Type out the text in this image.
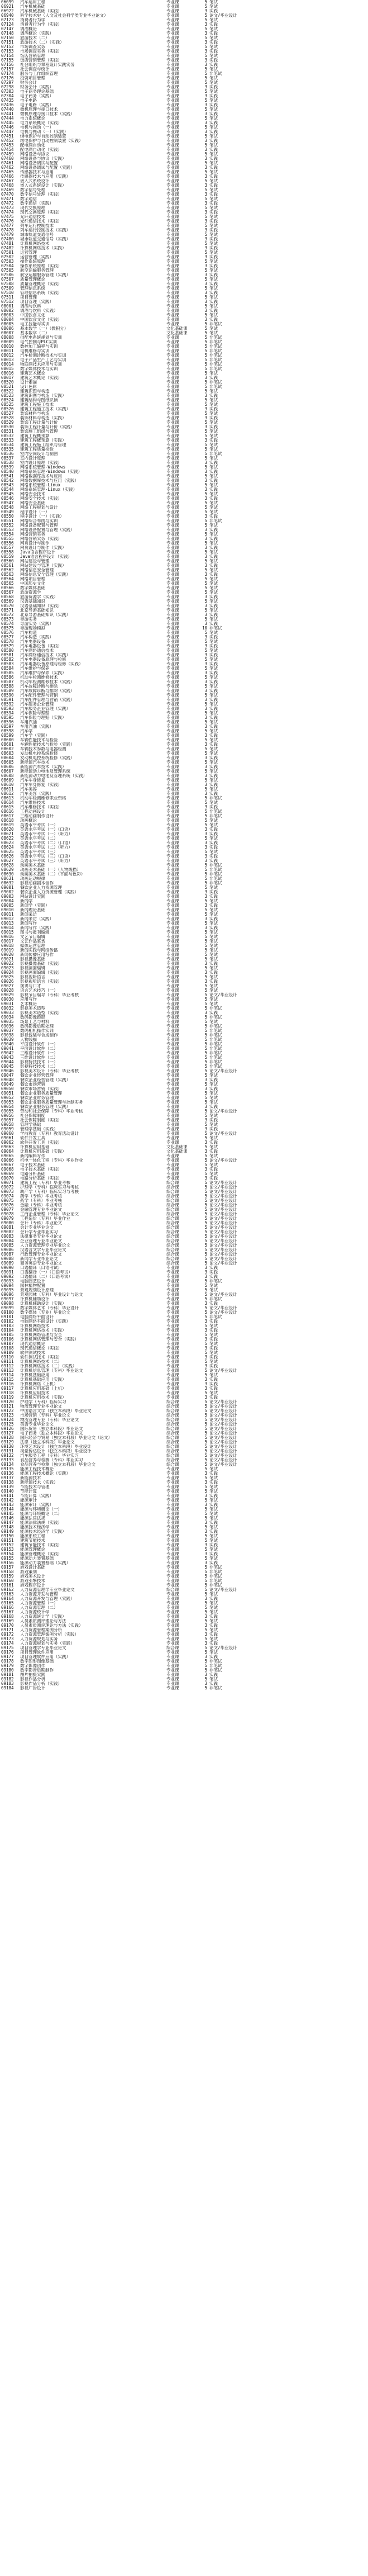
06099	汽车运用工程	专业课	5 笔试
06921	汽车机械基础	专业课	5 笔试
06922	汽车机械基础（实践）	专业课	3 实践
06940	科学技术史（人文及社会科学类专业毕业论文）	专业课	5 论文/毕业设计
07123	消费者行为学	专业课	5 笔试
07124	消费者行为学（实践）	专业课	3 实践
07147	调酒概论	专业课	5 笔试
07148	调酒概论（实践）	专业课	3 实践
07150	旅游技术（二）	专业课	5 笔试
07151	旅游技术（二）（实践）	专业课	3 实践
07152	市场调查实务	专业课	5 笔试
07153	市场调查实务（实践）	专业课	3 实践
07154	饭店营销管理	专业课	5 笔试
07155	饭店营销管理（实践）	专业课	3 实践
07156	社会组织与课程设计实践实务	专业课	3 实践
07157	社会调查与统计	专业课	5 笔试
07174	服务与工作组织管理	专业课	5 非笔试
07176	投资项目管理	专业课	5 笔试
07297	财务会计	专业课	5 笔试
07298	财务会计（实践）	专业课	3 实践
07303	电子商务理论基础	专业课	5 笔试
07304	电子商务（实践）	专业课	3 实践
07435	电子电路	专业课	5 笔试
07436	电子电路（实践）	专业课	3 实践
07440	微机原理与接口技术	专业课	5 笔试
07441	微机原理与接口技术（实践）	专业课	3 实践
07444	电力系统概论	专业课	5 笔试
07445	电力系统概论（实践）	专业课	3 实践
07446	电机与拖动（一）	专业课	5 笔试
07447	电机与拖动（一）（实践）	专业课	3 实践
07451	继电保护与自动控制装置	专业课	5 笔试
07452	继电保护与自动控制装置（实践）	专业课	3 实践
07453	配电网自动化	专业课	5 笔试
07454	配电网自动化（实践）	专业课	3 实践
07459	网络设备与协议	专业课	5 笔试
07460	网络设备与协议（实践）	专业课	3 实践
07461	网络设备调试与配置	专业课	5 笔试
07462	网络设备调试与配置（实践）	专业课	3 实践
07465	传感器技术与应用	专业课	5 笔试
07466	传感器技术与应用（实践）	专业课	3 实践
07467	嵌入式系统设计	专业课	5 笔试
07468	嵌入式系统设计（实践）	专业课	3 实践
07469	数字信号处理	专业课	5 笔试
07470	数字信号处理（实践）	专业课	3 实践
07471	数字通信	专业课	5 笔试
07472	数字通信（实践）	专业课	3 实践
07473	现代交换原理	专业课	5 笔试
07474	现代交换原理（实践）	专业课	3 实践
07475	光纤通信技术	专业课	5 笔试
07476	光纤通信技术（实践）	专业课	3 实践
07477	列车运行控制技术	专业课	5 笔试
07478	列车运行控制技术（实践）	专业课	3 实践
07479	城市轨道交通信号	专业课	5 笔试
07480	城市轨道交通信号（实践）	专业课	3 实践
07481	计算机网络技术	专业课	5 笔试
07482	计算机网络技术（实践）	专业课	3 实践
07501	运营管理	专业课	5 笔试
07502	运营管理（实践）	专业课	3 实践
07503	操作系统原理	专业课	5 笔试
07504	操作系统原理（实践）	专业课	3 实践
07505	航空运输服务管理	专业课	5 笔试
07506	航空运输服务管理（实践）	专业课	3 实践
07507	质量管理概论	专业课	5 笔试
07508	质量管理概论（实践）	专业课	3 实践
07509	管理信息系统	专业课	5 笔试
07510	管理信息系统（实践）	专业课	3 实践
07511	项目管理	专业课	5 笔试
07512	项目管理（实践）	专业课	3 实践
08001	调酒与饮料	专业课	5 笔试
08002	调酒与饮料（实践）	专业课	3 实践
08003	中国饮食文化	专业课	5 笔试
08004	中国饮食文化（实践）	专业课	3 实践
08005	电工技能与实训	专业课	5 非笔试
08006	基本数学（一）（微积分）	文化基础课	5 笔试
08007	基本数学（二）	文化基础课	5 笔试
08008	供配电系统规划与实训	专业课	5 非笔试
08009	电气控制与PLC实训	专业课	5 非笔试
08010	数控加工编程与实训	专业课	5 非笔试
08011	电机维修与实训	专业课	5 非笔试
08012	汽车检测诊断技术与实训	专业课	5 非笔试
08013	电子产品生产工艺与实训	专业课	5 非笔试
08014	物联网技术应用与实训	专业课	5 非笔试
08015	数字媒体技术与实训	专业课	5 非笔试
08016	建筑艺术概论	专业课	5 笔试
08017	建筑艺术概论（实践）	专业课	3 实践
08520	设计素描	专业课	5 非笔试
08521	设计色彩	专业课	5 非笔试
08522	建筑识图与构造	专业课	5 笔试
08523	建筑识图与构造（实践）	专业课	3 实践
08524	建筑结构与图纸识读	专业课	5 笔试
08525	建筑工程施工技术	专业课	5 笔试
08526	建筑工程施工技术（实践）	专业课	3 实践
08527	装饰材料与构造	专业课	5 笔试
08528	装饰材料与构造（实践）	专业课	3 实践
08529	装饰工程计量与计价	专业课	5 笔试
08530	装饰工程计量与计价（实践）	专业课	3 实践
08531	装饰施工组织与管理	专业课	5 笔试
08532	建筑工程概预算	专业课	5 笔试
08533	建筑工程概预算（实践）	专业课	3 实践
08534	建筑工程施工组织与管理	专业课	5 笔试
08535	建筑工程质量检验	专业课	5 笔试
08536	室内空间设计与制图	专业课	5 非笔试
08537	室内设计原理	专业课	5 笔试
08538	室内设计原理（实践）	专业课	3 实践
08539	网络系统管理-Windows	专业课	5 笔试
08540	网络系统管理-Windows（实践）	专业课	3 实践
08541	网络数据库技术与应用	专业课	5 笔试
08542	网络数据库技术与应用（实践）	专业课	3 实践
08543	网络系统管理-Linux	专业课	5 笔试
08544	网络系统管理-Linux（实践）	专业课	3 实践
08545	网络安全技术	专业课	5 笔试
08546	网络安全技术（实践）	专业课	3 实践
08547	网络安全基础	专业课	5 笔试
08548	网络工程规划与设计	专业课	5 笔试
08549	程序设计（一）	专业课	5 笔试
08550	程序设计（一）（实践）	专业课	3 实践
08551	网络综合布线与实训	专业课	5 非笔试
08552	网络设备配置与管理	专业课	5 笔试
08553	网络设备配置与管理（实践）	专业课	3 实践
08554	网络营销实务	专业课	5 笔试
08555	网络营销实务（实践）	专业课	3 实践
08556	网页设计与制作	专业课	5 笔试
08557	网页设计与制作（实践）	专业课	3 实践
08558	Java语言程序设计	专业课	5 笔试
08559	Java语言程序设计（实践）	专业课	3 实践
08560	网站建设与管理	专业课	5 笔试
08561	网站建设与管理（实践）	专业课	3 实践
08562	网络信息安全管理	专业课	5 笔试
08563	网络信息安全管理（实践）	专业课	3 实践
08564	网络项目管理	专业课	5 笔试
08565	中国历史文化	专业课	5 笔试
08566	数字媒体基础	专业课	5 笔试
08567	旅游资源学	专业课	5 笔试
08568	旅游资源学（实践）	专业课	3 实践
08569	汉语基础知识	专业课	5 笔试
08570	汉语基础知识（实践）	专业课	3 实践
08571	北京导游基础知识	专业课	5 笔试
08572	北京导游基础知识（实践）	专业课	3 实践
08573	导游实务	专业课	5 笔试
08574	导游实务（实践）	专业课	3 实践
08575	导游现场模拟	专业课	10 非笔试
08576	汽车构造	专业课	5 笔试
08577	汽车构造（实践）	专业课	3 实践
08578	汽车电器设备	专业课	5 笔试
08579	汽车电器设备（实践）	专业课	3 实践
08580	汽车网络通信技术	专业课	5 笔试
08581	汽车网络通信技术（实践）	专业课	3 实践
08582	汽车电器设备原理与检修	专业课	5 笔试
08583	汽车电器设备原理与检修（实践）	专业课	3 实践
08584	汽车维护与保养	专业课	5 笔试
08585	汽车维护与保养（实践）	专业课	3 实践
08586	机动车检测维修技术	专业课	5 笔试
08587	机动车检测维修技术（实践）	专业课	3 实践
08588	汽车故障诊断与排除	专业课	5 笔试
08589	汽车故障诊断与排除（实践）	专业课	3 实践
08590	汽车配件管理与营销	专业课	5 笔试
08591	汽车配件管理与营销（实践）	专业课	3 实践
08592	汽车服务企业管理	专业课	5 笔试
08593	汽车服务企业管理（实践）	专业课	3 实践
08594	汽车保险与理赔	专业课	5 笔试
08595	汽车保险与理赔（实践）	专业课	3 实践
08596	车用汽油	专业课	5 笔试
08597	车用汽油（实践）	专业课	3 实践
08598	汽车学	专业课	5 笔试
08599	汽车学（实践）	专业课	3 实践
08600	车辆性能技术与检验	专业课	5 笔试
08601	车辆性能技术与检验（实践）	专业课	3 实践
08602	车辆技术参数与电器检测	专业课	5 笔试
08603	发动机电控系统检修	专业课	5 笔试
08604	发动机电控系统检修（实践）	专业课	3 实践
08605	新能源汽车技术	专业课	5 笔试
08606	新能源汽车技术（实践）	专业课	3 实践
08607	新能源动力电池及管理系统	专业课	5 笔试
08608	新能源动力电池及管理系统（实践）	专业课	3 实践
08609	汽车车身修复	专业课	5 笔试
08610	汽车车身修复（实践）	专业课	3 实践
08611	汽车美容	专业课	5 笔试
08612	汽车美容（实践）	专业课	3 实践
08613	机动车检测维修职业资格	专业课	5 非笔试
08614	汽车维修技术	专业课	5 笔试
08615	汽车维修技术（实践）	专业课	3 实践
08616	工程动画设计	专业课	5 非笔试
08617	三维动画制作设计	专业课	5 非笔试
08618	动画概论	专业课	5 笔试
08619	英语水平考试（一）	专业课	5 笔试
08620	英语水平考试（一）（口语）	专业课	3 实践
08621	英语水平考试（一）（听力）	专业课	3 实践
08622	英语水平考试（二）	专业课	5 笔试
08623	英语水平考试（二）（口语）	专业课	3 实践
08624	英语水平考试（二）（听力）	专业课	3 实践
08625	英语水平考试（三）	专业课	5 笔试
08626	英语水平考试（三）（口语）	专业课	3 实践
08627	英语水平考试（三）（听力）	专业课	3 实践
08628	动画美术基础	专业课	5 非笔试
08629	动画美术基础（一）（人物线描）	专业课	5 非笔试
08630	动画美术基础（二）（平面与色彩）	专业课	5 非笔试
08631	动画运动规律	专业课	5 非笔试
08632	影视动画剧本创作	专业课	5 非笔试
09001	餐饮企业人力资源管理	专业课	5 笔试
09002	餐饮企业人力资源管理（实践）	专业课	3 实践
09003	网站设计实践	专业课	3 实践
09004	新闻学	专业课	5 笔试
09005	新闻学（实践）	专业课	3 实践
09010	新闻理论基础	专业课	5 笔试
09011	新闻采访	专业课	5 笔试
09012	新闻采访（实践）	专业课	3 实践
09013	新闻写作	专业课	5 笔试
09014	新闻写作（实践）	专业课	3 实践
09015	图书与报刊编辑	专业课	5 笔试
09016	文艺节目编辑	专业课	5 笔试
09017	文艺作品鉴赏	专业课	5 笔试
09018	媒体运营管理	专业课	5 笔试
09019	新闻实践与网络传播	专业课	5 笔试
09020	新闻传播应用写作	专业课	5 笔试
09021	影视摄像基础	专业课	5 笔试
09022	影视摄像基础（实践）	专业课	3 实践
09023	影视画面编辑	专业课	5 笔试
09024	影视画面编辑（实践）	专业课	3 实践
09025	影视视听语言	专业课	5 笔试
09026	影视视听语言（实践）	专业课	3 实践
09027	演讲与口才	专业课	5 笔试
09028	语言艺术技巧（一）	专业课	5 笔试
09029	影视节目编导（专科）毕业考核	专业课	5 论文/毕业设计
09030	应用写作	专业课	5 笔试
09031	艺术概论	专业课	5 笔试
09032	影视美术造型	专业课	5 非笔试
09033	影视美术造型（实践）	专业课	3 实践
09034	数码影像摄影	专业课	5 非笔试
09035	场景工艺与材料	专业课	5 笔试
09036	数码影像后期处理	专业课	5 非笔试
09037	数码相机操作实训	专业课	5 非笔试
09038	影视包装与合成制作	专业课	5 非笔试
09039	人物线描	专业课	5 非笔试
09040	平面设计软件（一）	专业课	5 非笔试
09041	平面设计软件（二）	专业课	5 非笔试
09042	三维设计软件（一）	专业课	5 非笔试
09043	三维设计软件（二）	专业课	5 非笔试
09044	影视特技技术（一）	专业课	5 非笔试
09045	影视特技技术（二）	专业课	5 非笔试
09046	影视美术设计（专科）毕业考核	专业课	5 论文/毕业设计
09047	餐饮企业经营管理	专业课	5 笔试
09048	餐饮企业经营管理（实践）	专业课	3 实践
09049	餐饮市场营销	专业课	5 笔试
09050	餐饮市场营销（实践）	专业课	3 实践
09051	餐饮企业服务质量管理	专业课	5 笔试
09052	餐饮企业财务管理	专业课	5 笔试
09053	餐饮企业服务质量管理与控制实务	专业课	5 笔试
09054	餐饮企业服务管理（实践）	专业课	3 实践
09055	劳动和社会保障（专科）毕业考核	专业课	5 论文/毕业设计
09056	社会保障制度	专业课	5 笔试
09057	社会保障制度（实践）	专业课	3 实践
09058	管理学基础	专业课	5 笔试
09059	管理学基础（实践）	专业课	3 实践
09060	学前教育（专科）教育活动设计	专业课	5 论文/毕业设计
09061	软件开发工具	专业课	5 笔试
09062	软件开发工具（实践）	专业课	3 实践
09063	计算机应用基础	文化基础课	5 笔试
09064	计算机应用基础（实践）	文化基础课	3 实践
09065	新闻编辑写作	专业课	5 笔试
09066	机电一体化工程（专科）毕业作业	专业课	5 论文/毕业设计
09067	电子技术基础	专业课	5 笔试
09068	电子技术基础（实践）	专业课	3 实践
09069	电路分析基础	专业课	5 笔试
09070	电路分析基础（实践）	专业课	3 实践
09071	建筑工程（专科）毕业考核	综合课	5 论文/毕业设计
09072	护理学（专科）临床实习与考核	综合课	5 论文/毕业设计
09073	助产学（专科）临床实习与考核	综合课	5 论文/毕业设计
09074	药学（专科）毕业考核	综合课	5 论文/毕业设计
09075	药学（专科）毕业考核	综合课	5 论文/毕业设计
09076	金融（专科）毕业考核	综合课	5 论文/毕业设计
09077	金融管理专业毕业论文	综合课	5 论文/毕业设计
09078	工商企业管理（专科）毕业论文	综合课	5 论文/毕业设计
09079	工程造价（专科）毕业作业	综合课	5 论文/毕业设计
09080	会计（专科）毕业论文	综合课	5 论文/毕业设计
09081	会计专业毕业论文	综合课	5 论文/毕业设计
09082	会计学专业毕业实习	综合课	5 论文/毕业设计
09083	法律事务专业毕业论文	综合课	5 论文/毕业设计
09084	企业管理专业毕业论文	综合课	5 论文/毕业设计
09085	人力资源管理专业毕业论文	综合课	5 论文/毕业设计
09086	汉语言文学专业毕业论文	综合课	5 论文/毕业设计
09087	行政管理专业毕业论文	综合课	5 论文/毕业设计
09088	新闻学专业毕业论文	综合课	5 论文/毕业设计
09089	商务英语专业毕业论文	综合课	5 论文/毕业设计
09090	口语翻译（口语考试）	专业课	3 实践
09091	口语翻译（一）（口语考试）	专业课	3 实践
09092	口语翻译（二）（口语考试）	专业课	3 实践
09093	电脑园艺设计	专业课	5 非笔试
09094	园林植物配置	专业课	5 笔试
09095	景观规划设计原理	专业课	5 笔试
09096	景观园林（专科）毕业设计与论文	专业课	5 论文/毕业设计
09097	计算机辅助设计	专业课	5 非笔试
09098	计算机辅助设计（实践）	专业课	3 实践
09099	数字媒体艺术（专科）毕业设计	专业课	5 论文/毕业设计
09100	数字媒体（专业）毕业论文	专业课	5 论文/毕业设计
09101	电脑网络平面设计	专业课	5 非笔试
09102	电脑网络平面设计（实践）	专业课	3 实践
09103	计算机网络技术	专业课	5 笔试
09104	计算机网络技术（实践）	专业课	3 实践
09105	计算机网络管理与安全	专业课	5 笔试
09106	计算机网络管理与安全（实践）	专业课	3 实践
09107	现代通信概论	专业课	5 笔试
09108	现代通信概论（实践）	专业课	3 实践
09109	软件测试技术	专业课	5 笔试
09110	软件测试技术（实践）	专业课	3 实践
09111	计算机网络技术（二）	专业课	5 笔试
09112	计算机网络技术（二）（实践）	专业课	3 实践
09113	计算机信息管理（专科）毕业论文	专业课	5 论文/毕业设计
09114	计算机基础应用	专业课	5 笔试
09115	计算机基础应用（实践）	专业课	3 实践
09116	计算机网络（上机）	专业课	3 实践
09117	计算机应用基础（上机）	专业课	3 实践
09118	计算机应用技术	专业课	5 笔试
09119	计算机应用技术（实践）	专业课	3 实践
09120	护理学（专科）临床实习	综合课	5 论文/毕业设计
09121	物流管理专业毕业论文	综合课	5 论文/毕业设计
09122	中国语言文学（独立本科段）毕业论文	综合课	5 论文/毕业设计
09123	市场营销（专科）毕业论文	综合课	5 论文/毕业设计
09124	物流管理专业（专科）毕业论文	综合课	5 论文/毕业设计
09125	英语专业毕业论文	综合课	5 论文/毕业设计
09126	国际贸易（独立本科段）毕业论文	综合课	5 论文/毕业设计
09127	电子商务（独立本科段）毕业论文	综合课	5 论文/毕业设计
09128	国际经济与贸易（独立本科段）毕业论文（论文）	综合课	5 论文/毕业设计
09129	法律（独立本科段）毕业论文	综合课	5 论文/毕业设计
09130	环境艺术设计（独立本科段）毕业设计	综合课	5 论文/毕业设计
09131	视觉传达设计（独立本科段）毕业设计	综合课	5 论文/毕业设计
09132	汽车服务工程（专科）毕业实习	综合课	5 论文/毕业设计
09133	食品营养与检测（专科）毕业实习	综合课	5 论文/毕业设计
09134	食品营养与检测（独立本科段）毕业论文	综合课	5 论文/毕业设计
09135	能源工程技术概论	专业课	5 笔试
09136	能源工程技术概论（实践）	专业课	3 实践
09137	新能源技术	专业课	5 笔试
09138	新能源技术（实践）	专业课	3 实践
09139	节能技术与管理	专业课	5 笔试
09140	节能计算	专业课	5 笔试
09141	节能计算（实践）	专业课	3 实践
09142	能源审计	专业课	5 笔试
09143	能源审计（实践）	专业课	3 实践
09144	能源与环境概论（一）	专业课	5 笔试
09145	能源与环境概论（二）	专业课	5 笔试
09146	能源法律法规	专业课	5 笔试
09147	能源法律法规（实践）	专业课	3 实践
09148	能源技术经济学	专业课	5 笔试
09149	能源技术经济学（实践）	专业课	3 实践
09150	能源系统工程	专业课	5 笔试
09151	建筑节能技术	专业课	5 笔试
09152	建筑节能技术（实践）	专业课	3 实践
09153	能源管理概论	专业课	5 笔试
09154	能源管理概论（实践）	专业课	3 实践
09155	能源动力装置基础	专业课	5 笔试
09156	能源动力装置基础（实践）	专业课	3 实践
09157	游戏设计基础	专业课	5 非笔试
09158	游戏策划	专业课	5 非笔试
09159	游戏美术设计	专业课	5 非笔试
09160	游戏引擎技术	专业课	5 非笔试
09161	游戏程序设计	专业课	5 非笔试
09162	人力资源管理学专业毕业论文	综合课	5 论文/毕业设计
09163	人力资源开发与管理	专业课	5 笔试
09164	人力资源开发与管理（实践）	专业课	3 实践
09165	人力资源管理（一）	专业课	5 笔试
09166	人力资源管理（二）	专业课	5 笔试
09167	人力资源统计学	专业课	5 笔试
09168	人力资源统计学（实践）	专业课	3 实践
09169	人员素质测评理论与方法	专业课	5 笔试
09170	人员素质测评理论与方法（实践）	专业课	3 实践
09171	人力资源管理案例分析	专业课	5 笔试
09172	人力资源管理案例分析（实践）	专业课	3 实践
09173	人力资源规划与实务	专业课	5 笔试
09174	人力资源规划与实务（实践）	专业课	3 实践
09175	项目管理学专业毕业论文	综合课	5 论文/毕业设计
09176	项目管理软件应用	专业课	5 笔试
09177	项目管理软件应用（实践）	专业课	3 实践
09178	数字图形图像基础	专业课	5 非笔试
09179	数字影像创作	专业课	5 非笔试
09180	数字影音后期制作	专业课	5 非笔试
09181	图片拍摄实践	专业课	3 实践
09182	影视作品分析	专业课	5 笔试
09183	影视作品分析（实践）	专业课	3 实践
09184	影视广告设计	专业课	5 非笔试
